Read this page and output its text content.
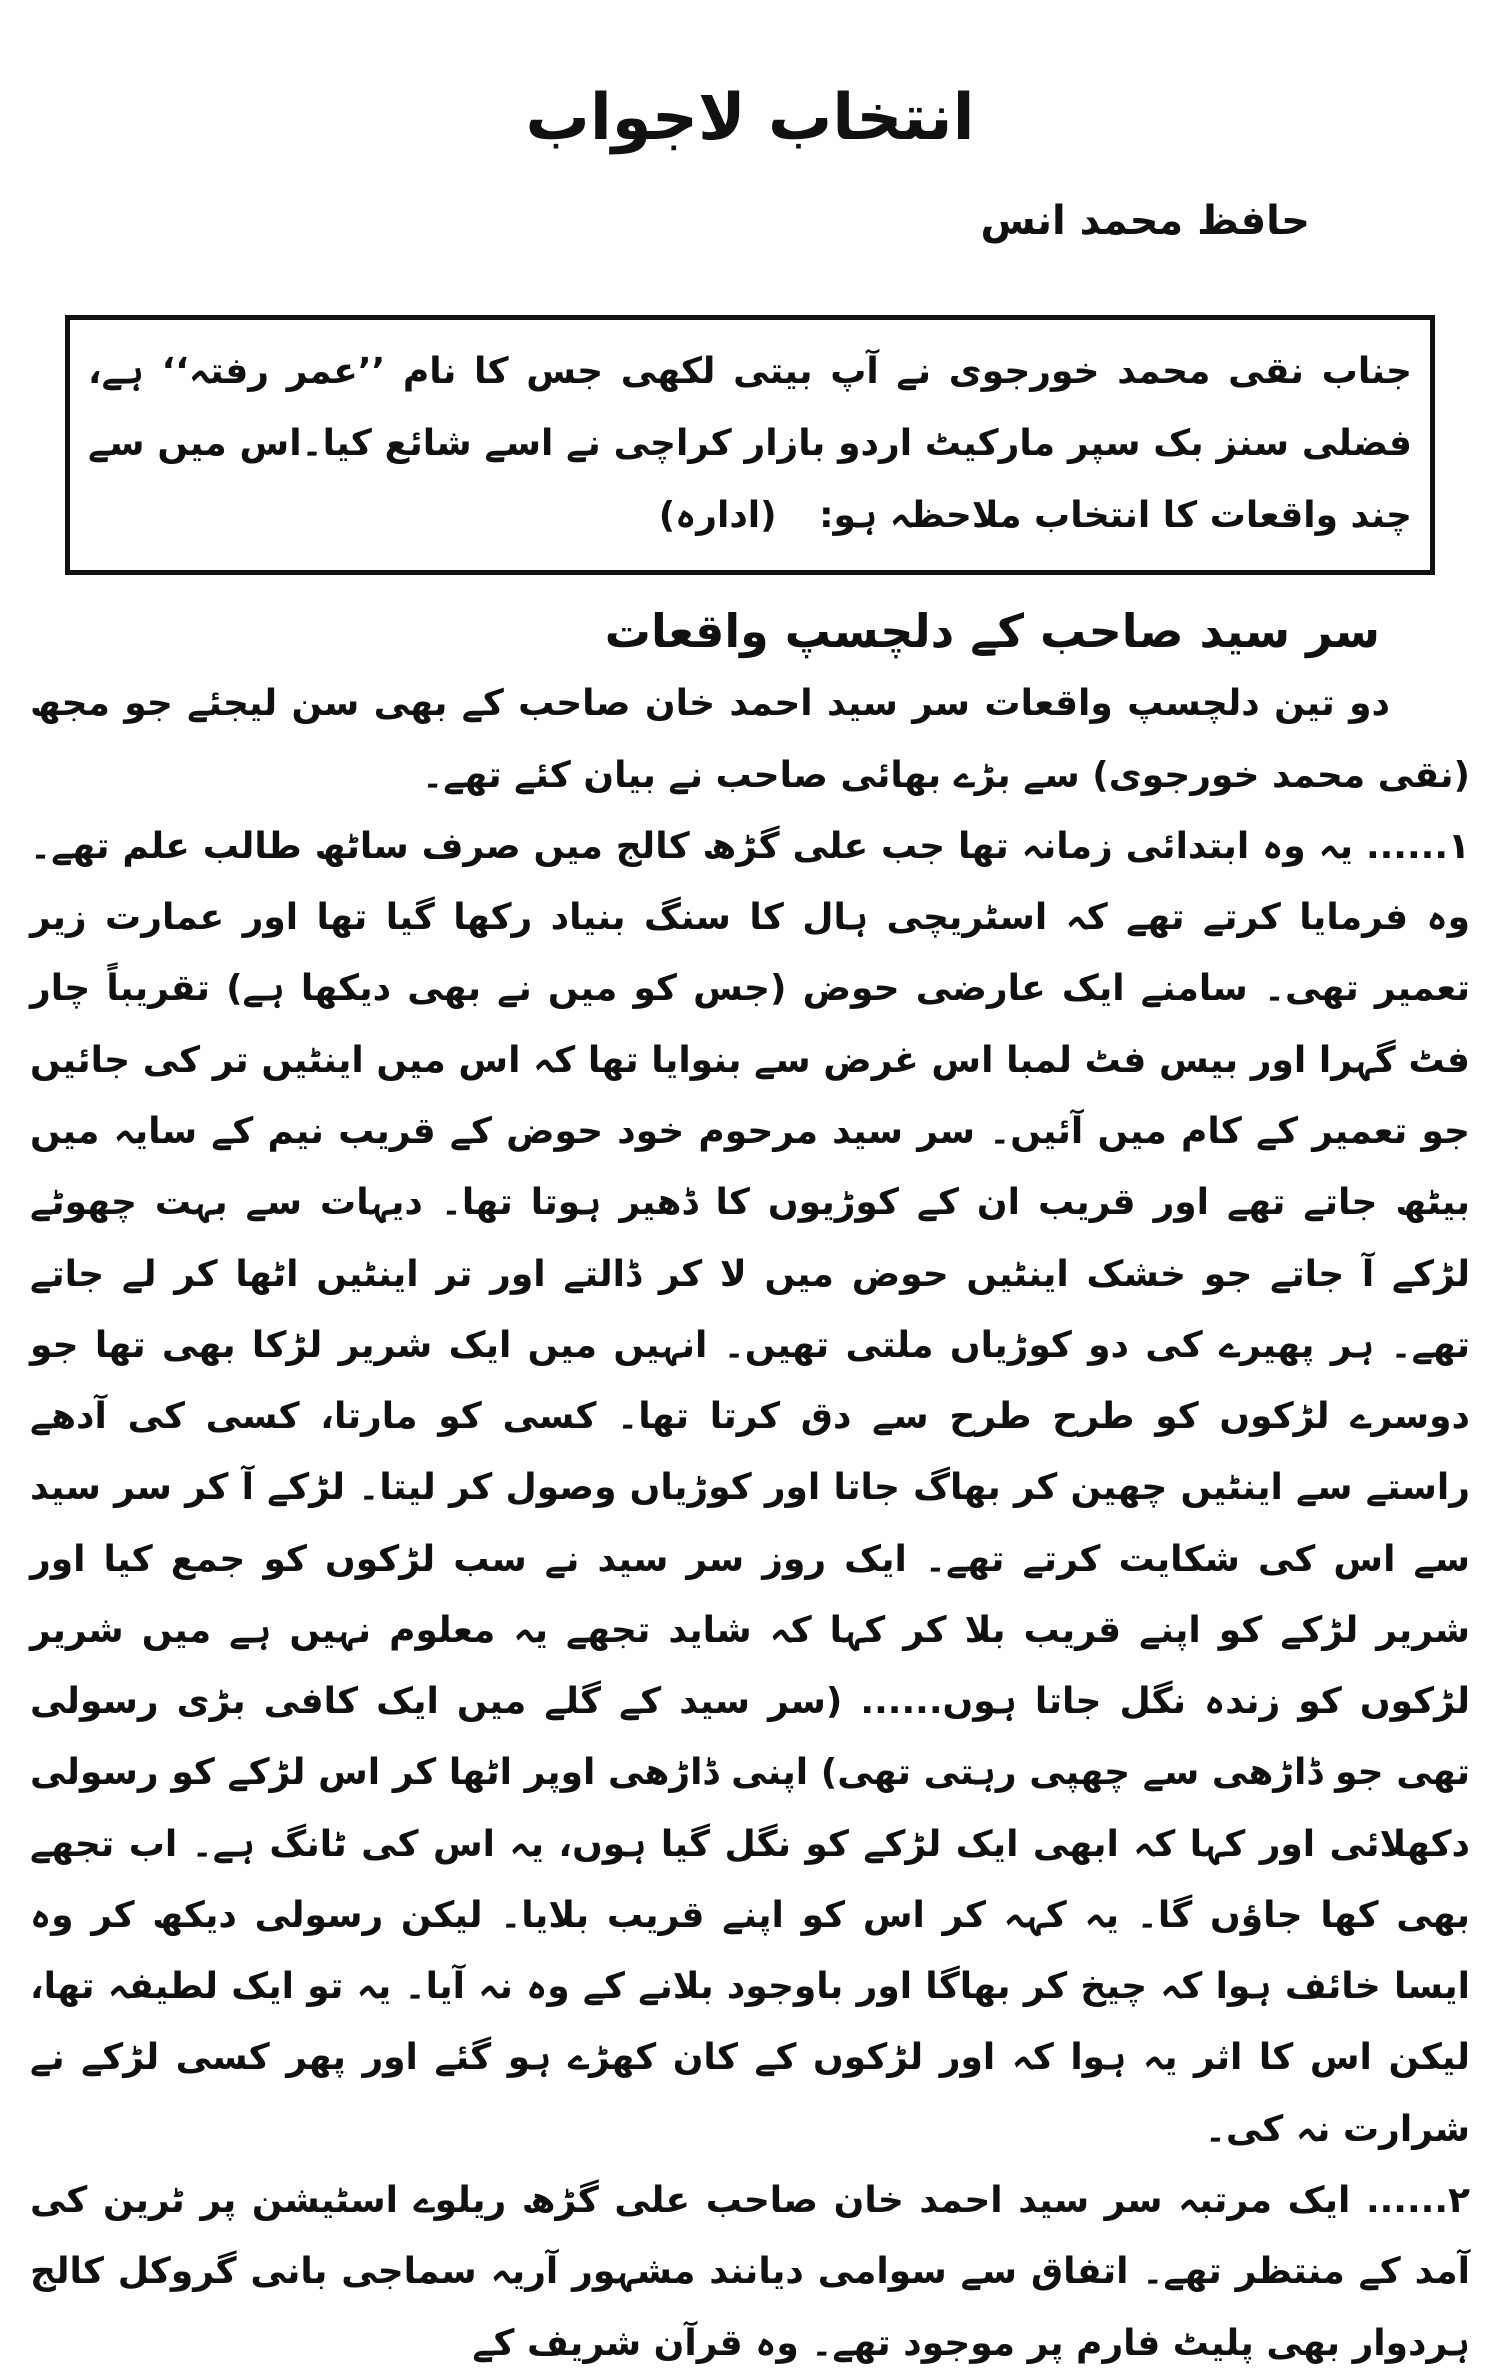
انتخاب لاجواب
حافظ محمد انس
جناب نقی محمد خورجوی نے آپ بیتی لکھی جس کا نام ’’عمر رفتہ‘‘ ہے، فضلی سنز بک سپر مارکیٹ اردو بازار کراچی نے اسے شائع کیا۔اس میں سے چند واقعات کا انتخاب ملاحظہ ہو: (ادارہ)
سر سید صاحب کے دلچسپ واقعات

دو تین دلچسپ واقعات سر سید احمد خان صاحب کے بھی سن لیجئے جو مجھ (نقی محمد خورجوی) سے بڑے بھائی صاحب نے بیان کئے تھے۔

۱...... یہ وہ ابتدائی زمانہ تھا جب علی گڑھ کالج میں صرف ساٹھ طالب علم تھے۔ وہ فرمایا کرتے تھے کہ اسٹریچی ہال کا سنگ بنیاد رکھا گیا تھا اور عمارت زیر تعمیر تھی۔ سامنے ایک عارضی حوض (جس کو میں نے بھی دیکھا ہے) تقریباً چار فٹ گہرا اور بیس فٹ لمبا اس غرض سے بنوایا تھا کہ اس میں اینٹیں تر کی جائیں جو تعمیر کے کام میں آئیں۔ سر سید مرحوم خود حوض کے قریب نیم کے سایہ میں بیٹھ جاتے تھے اور قریب ان کے کوڑیوں کا ڈھیر ہوتا تھا۔ دیہات سے بہت چھوٹے لڑکے آ جاتے جو خشک اینٹیں حوض میں لا کر ڈالتے اور تر اینٹیں اٹھا کر لے جاتے تھے۔ ہر پھیرے کی دو کوڑیاں ملتی تھیں۔ انہیں میں ایک شریر لڑکا بھی تھا جو دوسرے لڑکوں کو طرح طرح سے دق کرتا تھا۔ کسی کو مارتا، کسی کی آدھے راستے سے اینٹیں چھین کر بھاگ جاتا اور کوڑیاں وصول کر لیتا۔ لڑکے آ کر سر سید سے اس کی شکایت کرتے تھے۔ ایک روز سر سید نے سب لڑکوں کو جمع کیا اور شریر لڑکے کو اپنے قریب بلا کر کہا کہ شاید تجھے یہ معلوم نہیں ہے میں شریر لڑکوں کو زندہ نگل جاتا ہوں...... (سر سید کے گلے میں ایک کافی بڑی رسولی تھی جو ڈاڑھی سے چھپی رہتی تھی) اپنی ڈاڑھی اوپر اٹھا کر اس لڑکے کو رسولی دکھلائی اور کہا کہ ابھی ایک لڑکے کو نگل گیا ہوں، یہ اس کی ٹانگ ہے۔ اب تجھے بھی کھا جاؤں گا۔ یہ کہہ کر اس کو اپنے قریب بلایا۔ لیکن رسولی دیکھ کر وہ ایسا خائف ہوا کہ چیخ کر بھاگا اور باوجود بلانے کے وہ نہ آیا۔ یہ تو ایک لطیفہ تھا، لیکن اس کا اثر یہ ہوا کہ اور لڑکوں کے کان کھڑے ہو گئے اور پھر کسی لڑکے نے شرارت نہ کی۔

۲...... ایک مرتبہ سر سید احمد خان صاحب علی گڑھ ریلوے اسٹیشن پر ٹرین کی آمد کے منتظر تھے۔ اتفاق سے سوامی دیانند مشہور آریہ سماجی بانی گروکل کالج ہردوار بھی پلیٹ فارم پر موجود تھے۔ وہ قرآن شریف کے
